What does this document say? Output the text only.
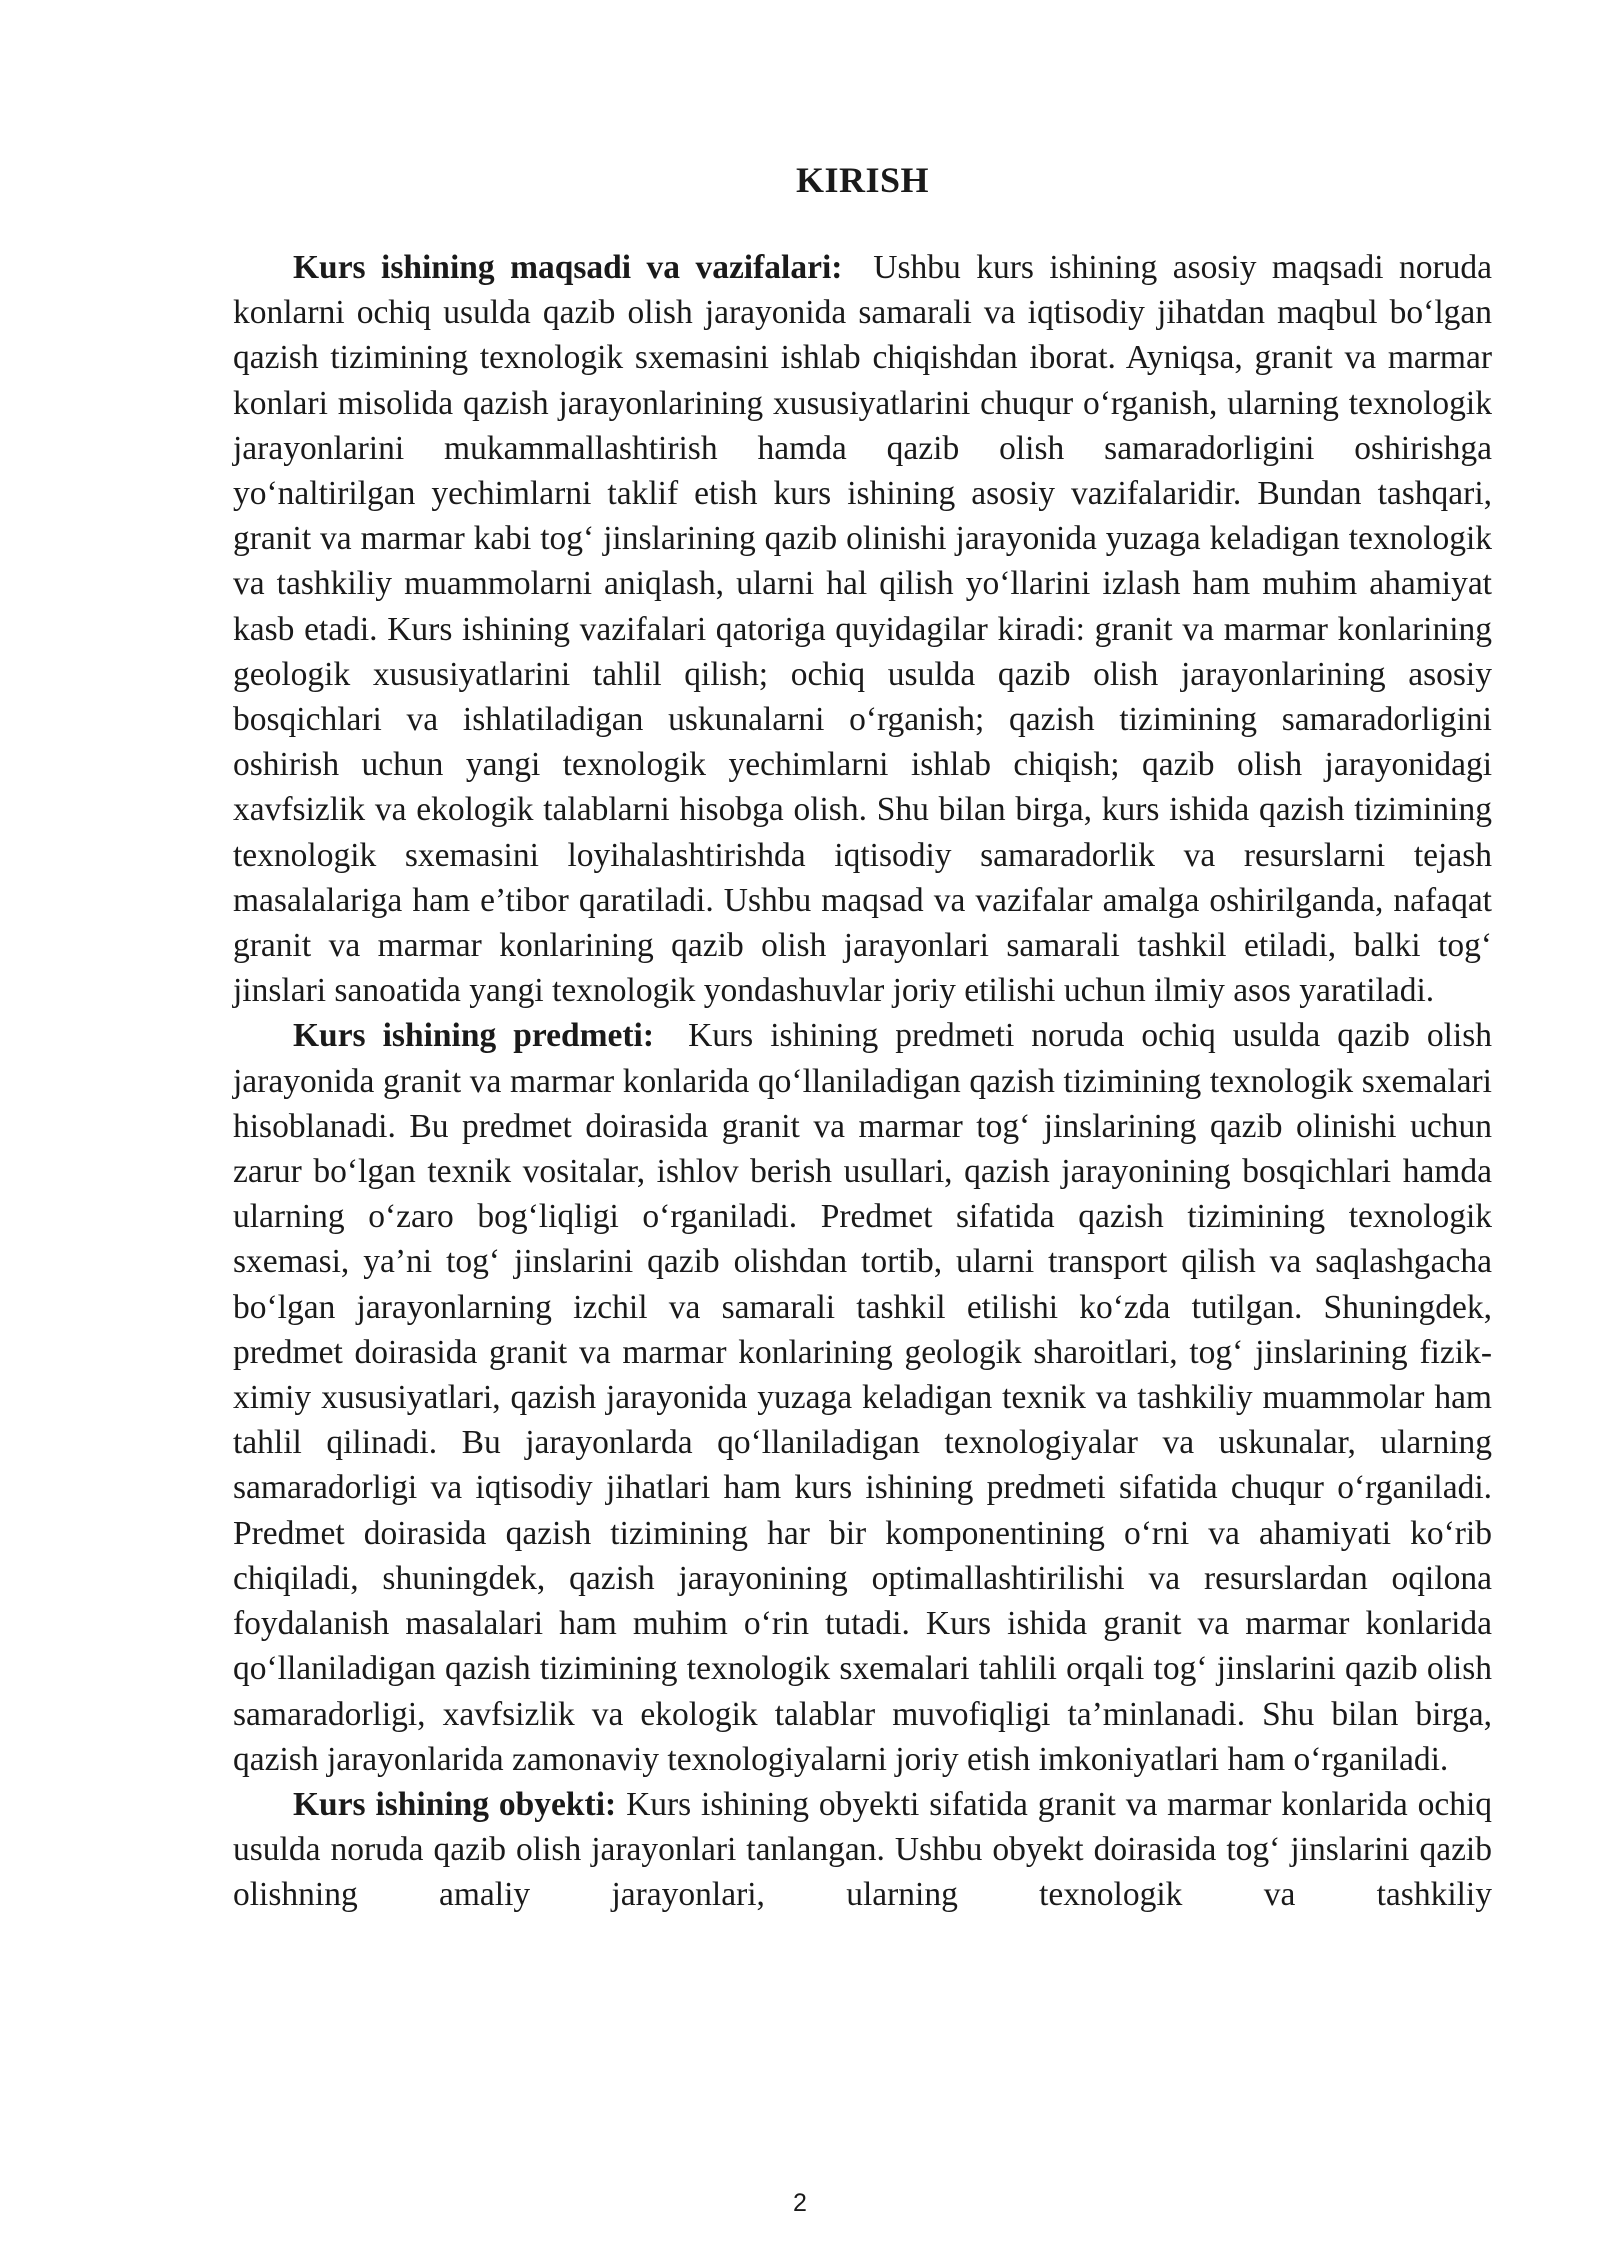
KIRISH

Kurs ishining maqsadi va vazifalari: Ushbu kurs ishining asosiy maqsadi noruda konlarni ochiq usulda qazib olish jarayonida samarali va iqtisodiy jihatdan maqbul bo‘lgan qazish tizimining texnologik sxemasini ishlab chiqishdan iborat. Ayniqsa, granit va marmar konlari misolida qazish jarayonlarining xususiyatlarini chuqur o‘rganish, ularning texnologik jarayonlarini mukammallashtirish hamda qazib olish samaradorligini oshirishga yo‘naltirilgan yechimlarni taklif etish kurs ishining asosiy vazifalaridir. Bundan tashqari, granit va marmar kabi tog‘ jinslarining qazib olinishi jarayonida yuzaga keladigan texnologik va tashkiliy muammolarni aniqlash, ularni hal qilish yo‘llarini izlash ham muhim ahamiyat kasb etadi. Kurs ishining vazifalari qatoriga quyidagilar kiradi: granit va marmar konlarining geologik xususiyatlarini tahlil qilish; ochiq usulda qazib olish jarayonlarining asosiy bosqichlari va ishlatiladigan uskunalarni o‘rganish; qazish tizimining samaradorligini oshirish uchun yangi texnologik yechimlarni ishlab chiqish; qazib olish jarayonidagi xavfsizlik va ekologik talablarni hisobga olish. Shu bilan birga, kurs ishida qazish tizimining texnologik sxemasini loyihalashtirishda iqtisodiy samaradorlik va resurslarni tejash masalalariga ham e’tibor qaratiladi. Ushbu maqsad va vazifalar amalga oshirilganda, nafaqat granit va marmar konlarining qazib olish jarayonlari samarali tashkil etiladi, balki tog‘ jinslari sanoatida yangi texnologik yondashuvlar joriy etilishi uchun ilmiy asos yaratiladi.

Kurs ishining predmeti: Kurs ishining predmeti noruda ochiq usulda qazib olish jarayonida granit va marmar konlarida qo‘llaniladigan qazish tizimining texnologik sxemalari hisoblanadi. Bu predmet doirasida granit va marmar tog‘ jinslarining qazib olinishi uchun zarur bo‘lgan texnik vositalar, ishlov berish usullari, qazish jarayonining bosqichlari hamda ularning o‘zaro bog‘liqligi o‘rganiladi. Predmet sifatida qazish tizimining texnologik sxemasi, ya’ni tog‘ jinslarini qazib olishdan tortib, ularni transport qilish va saqlashgacha bo‘lgan jarayonlarning izchil va samarali tashkil etilishi ko‘zda tutilgan. Shuningdek, predmet doirasida granit va marmar konlarining geologik sharoitlari, tog‘ jinslarining fizik-ximiy xususiyatlari, qazish jarayonida yuzaga keladigan texnik va tashkiliy muammolar ham tahlil qilinadi. Bu jarayonlarda qo‘llaniladigan texnologiyalar va uskunalar, ularning samaradorligi va iqtisodiy jihatlari ham kurs ishining predmeti sifatida chuqur o‘rganiladi. Predmet doirasida qazish tizimining har bir komponentining o‘rni va ahamiyati ko‘rib chiqiladi, shuningdek, qazish jarayonining optimallashtirilishi va resurslardan oqilona foydalanish masalalari ham muhim o‘rin tutadi. Kurs ishida granit va marmar konlarida qo‘llaniladigan qazish tizimining texnologik sxemalari tahlili orqali tog‘ jinslarini qazib olish samaradorligi, xavfsizlik va ekologik talablar muvofiqligi ta’minlanadi. Shu bilan birga, qazish jarayonlarida zamonaviy texnologiyalarni joriy etish imkoniyatlari ham o‘rganiladi.

Kurs ishining obyekti: Kurs ishining obyekti sifatida granit va marmar konlarida ochiq usulda noruda qazib olish jarayonlari tanlangan. Ushbu obyekt doirasida tog‘ jinslarini qazib olishning amaliy jarayonlari, ularning texnologik va tashkiliy

2
